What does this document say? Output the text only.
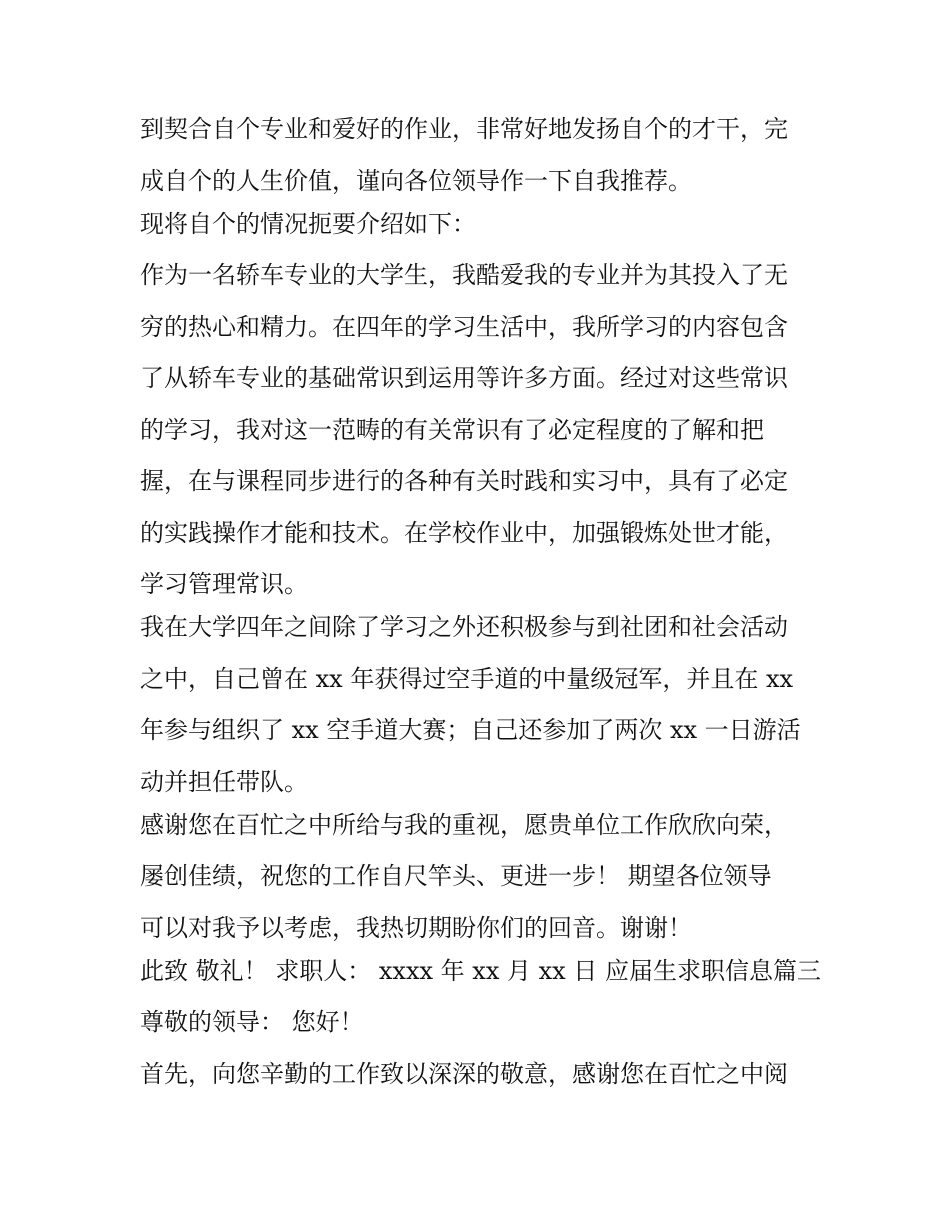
到契合自个专业和爱好的作业，非常好地发扬自个的才干，完
成自个的人生价值，谨向各位领导作一下自我推荐。
现将自个的情况扼要介绍如下：
作为一名轿车专业的大学生，我酷爱我的专业并为其投入了无
穷的热心和精力。在四年的学习生活中，我所学习的内容包含
了从轿车专业的基础常识到运用等许多方面。经过对这些常识
的学习，我对这一范畴的有关常识有了必定程度的了解和把
握，在与课程同步进行的各种有关时践和实习中，具有了必定
的实践操作才能和技术。在学校作业中，加强锻炼处世才能，
学习管理常识。
我在大学四年之间除了学习之外还积极参与到社团和社会活动
之中，自己曾在 xx 年获得过空手道的中量级冠军，并且在 xx
年参与组织了 xx 空手道大赛；自己还参加了两次 xx 一日游活
动并担任带队。
感谢您在百忙之中所给与我的重视，愿贵单位工作欣欣向荣，
屡创佳绩，祝您的工作自尺竿头、更进一步！ 期望各位领导
可以对我予以考虑，我热切期盼你们的回音。谢谢！
此致 敬礼！ 求职人： xxxx 年 xx 月 xx 日 应届生求职信息篇三
尊敬的领导： 您好！
首先，向您辛勤的工作致以深深的敬意，感谢您在百忙之中阅
